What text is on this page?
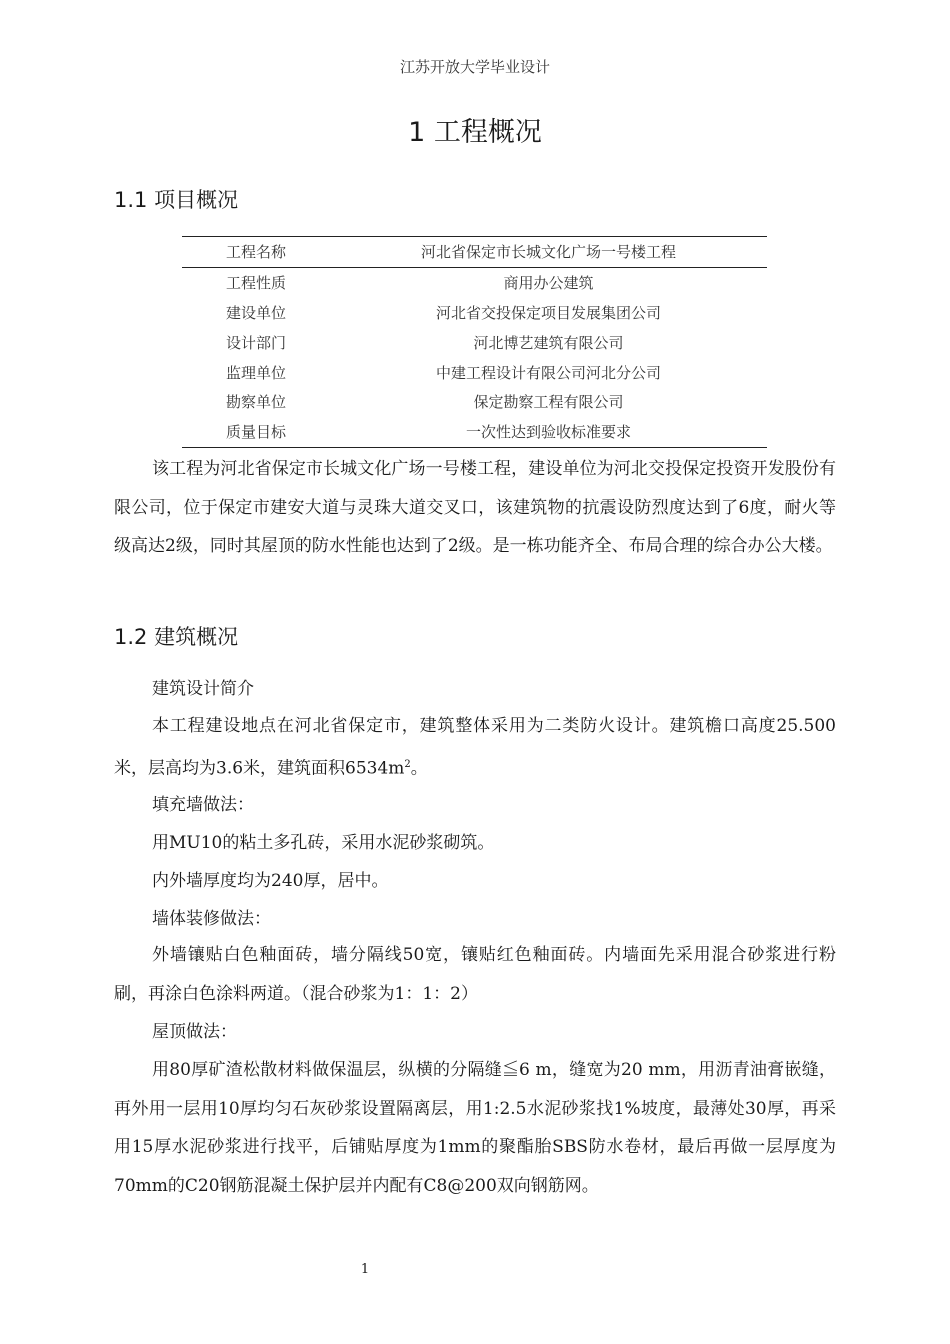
江苏开放大学毕业设计
1 工程概况
1.1 项目概况
工程名称	河北省保定市长城文化广场一号楼工程
工程性质	商用办公建筑
建设单位	河北省交投保定项目发展集团公司
设计部门	河北博艺建筑有限公司
监理单位	中建工程设计有限公司河北分公司
勘察单位	保定勘察工程有限公司
质量目标	一次性达到验收标准要求
该工程为河北省保定市长城文化广场一号楼工程，建设单位为河北交投保定投资开发股份有限公司，位于保定市建安大道与灵珠大道交叉口，该建筑物的抗震设防烈度达到了6度，耐火等级高达2级，同时其屋顶的防水性能也达到了2级。是一栋功能齐全、布局合理的综合办公大楼。
1.2 建筑概况
建筑设计简介
本工程建设地点在河北省保定市，建筑整体采用为二类防火设计。建筑檐口高度25.500米，层高均为3.6米，建筑面积$6534m^2$。
填充墙做法：
用MU10的粘土多孔砖，采用水泥砂浆砌筑。
内外墙厚度均为240厚，居中。
墙体装修做法：
外墙镶贴白色釉面砖，墙分隔线50宽，镶贴红色釉面砖。内墙面先采用混合砂浆进行粉刷，再涂白色涂料两道。（混合砂浆为1：1：2）
屋顶做法：
用80厚矿渣松散材料做保温层，纵横的分隔缝≦6 m，缝宽为20 mm，用沥青油膏嵌缝，再外用一层用10厚均匀石灰砂浆设置隔离层，用1:2.5水泥砂浆找1%坡度，最薄处30厚，再采用15厚水泥砂浆进行找平，后铺贴厚度为1mm的聚酯胎SBS防水卷材，最后再做一层厚度为70mm的C20钢筋混凝土保护层并内配有C8@200双向钢筋网。
1
